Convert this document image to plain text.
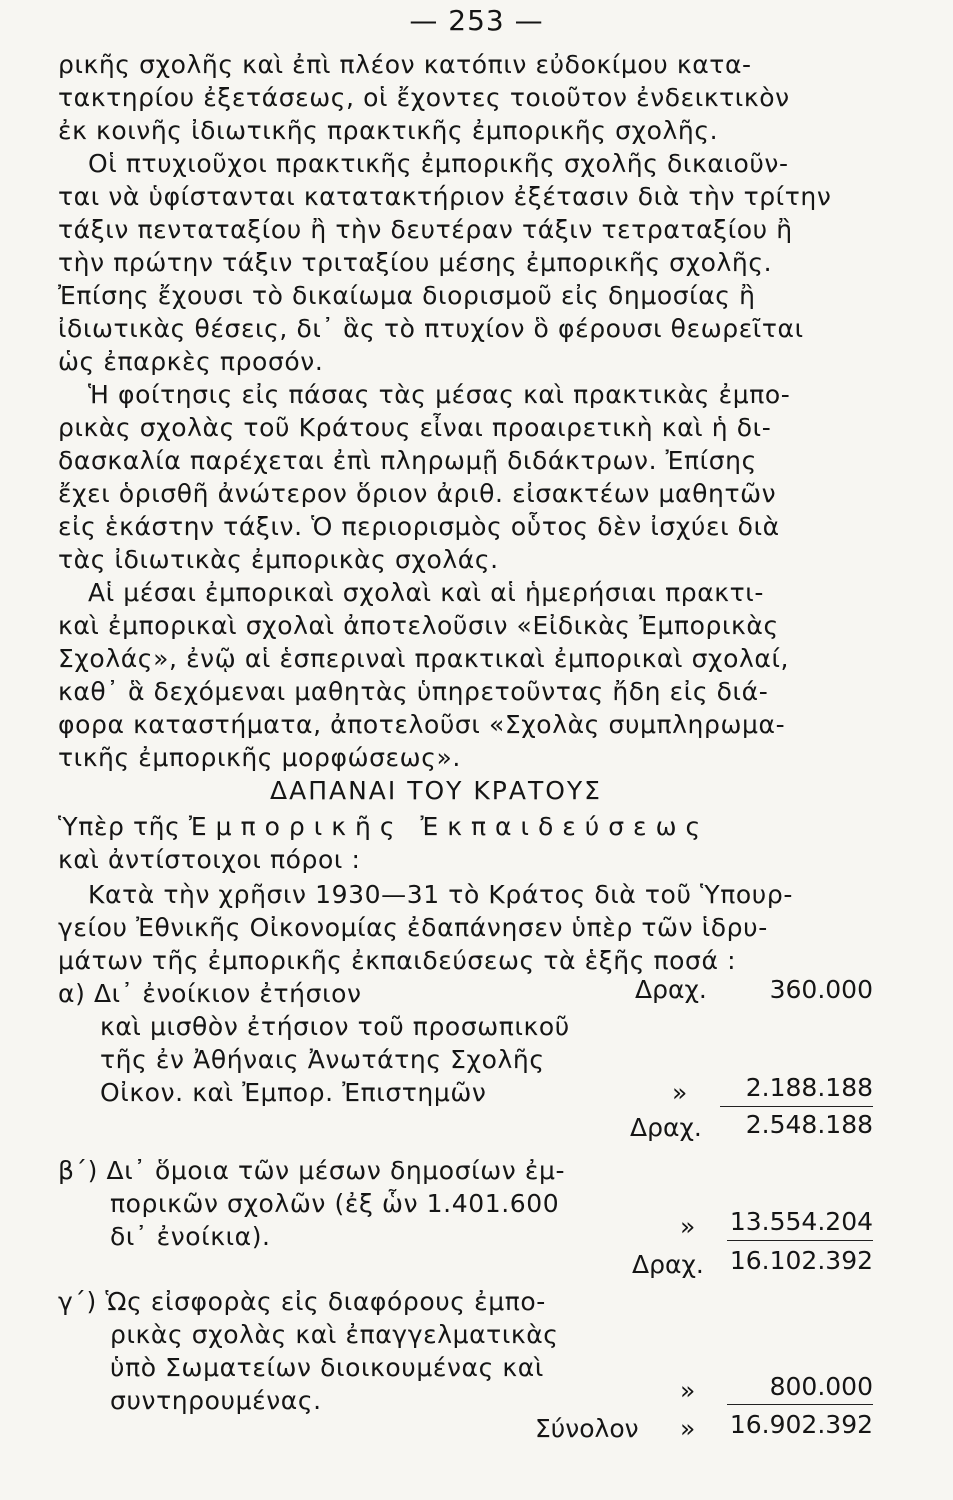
— 253 —
ρικῆς σχολῆς καὶ ἐπὶ πλέον κατόπιν εὐδοκίμου κατα-
τακτηρίου ἐξετάσεως, οἱ ἔχοντες τοιοῦτον ἐνδεικτικὸν
ἐκ κοινῆς ἰδιωτικῆς πρακτικῆς ἐμπορικῆς σχολῆς.
Οἱ πτυχιοῦχοι πρακτικῆς ἐμπορικῆς σχολῆς δικαιοῦν-
ται νὰ ὑφίστανται κατατακτήριον ἐξέτασιν διὰ τὴν τρίτην
τάξιν πενταταξίου ἢ τὴν δευτέραν τάξιν τετραταξίου ἢ
τὴν πρώτην τάξιν τριταξίου μέσης ἐμπορικῆς σχολῆς.
Ἐπίσης ἔχουσι τὸ δικαίωμα διορισμοῦ εἰς δημοσίας ἢ
ἰδιωτικὰς θέσεις, δι᾽ ἃς τὸ πτυχίον ὃ φέρουσι θεωρεῖται
ὡς ἐπαρκὲς προσόν.
Ἡ φοίτησις εἰς πάσας τὰς μέσας καὶ πρακτικὰς ἐμπο-
ρικὰς σχολὰς τοῦ Κράτους εἶναι προαιρετικὴ καὶ ἡ δι-
δασκαλία παρέχεται ἐπὶ πληρωμῇ διδάκτρων. Ἐπίσης
ἔχει ὁρισθῆ ἀνώτερον ὅριον ἀριθ. εἰσακτέων μαθητῶν
εἰς ἑκάστην τάξιν. Ὁ περιορισμὸς οὗτος δὲν ἰσχύει διὰ
τὰς ἰδιωτικὰς ἐμπορικὰς σχολάς.
Αἱ μέσαι ἐμπορικαὶ σχολαὶ καὶ αἱ ἡμερήσιαι πρακτι-
καὶ ἐμπορικαὶ σχολαὶ ἀποτελοῦσιν «Εἰδικὰς Ἐμπορικὰς
Σχολάς», ἐνῷ αἱ ἑσπεριναὶ πρακτικαὶ ἐμπορικαὶ σχολαί,
καθ᾽ ἃ δεχόμεναι μαθητὰς ὑπηρετοῦντας ἤδη εἰς διά-
φορα καταστήματα, ἀποτελοῦσι «Σχολὰς συμπληρωμα-
τικῆς ἐμπορικῆς μορφώσεως».
ΔΑΠΑΝΑΙ ΤΟΥ ΚΡΑΤΟΥΣ
Ὑπὲρ τῆς Ἐμπορικῆς Ἐκπαιδεύσεως
καὶ ἀντίστοιχοι πόροι :
Κατὰ τὴν χρῆσιν 1930—31 τὸ Κράτος διὰ τοῦ Ὑπουρ-
γείου Ἐθνικῆς Οἰκονομίας ἐδαπάνησεν ὑπὲρ τῶν ἱδρυ-
μάτων τῆς ἐμπορικῆς ἐκπαιδεύσεως τὰ ἑξῆς ποσά :
α) Δι᾽ ἐνοίκιον ἐτήσιον	Δραχ.	360.000
καὶ μισθὸν ἐτήσιον τοῦ προσωπικοῦ
τῆς ἐν Ἀθήναις Ἀνωτάτης Σχολῆς
Οἰκον. καὶ Ἐμπορ. Ἐπιστημῶν	»	2.188.188
Δραχ.	2.548.188
β´) Δι᾽ ὅμοια τῶν μέσων δημοσίων ἐμ-
πορικῶν σχολῶν (ἐξ ὧν 1.401.600
δι᾽ ἐνοίκια).	»	13.554.204
Δραχ.	16.102.392
γ´) Ὡς εἰσφορὰς εἰς διαφόρους ἐμπο-
ρικὰς σχολὰς καὶ ἐπαγγελματικὰς
ὑπὸ Σωματείων διοικουμένας καὶ
συντηρουμένας.	»	800.000
Σύνολον »	16.902.392
